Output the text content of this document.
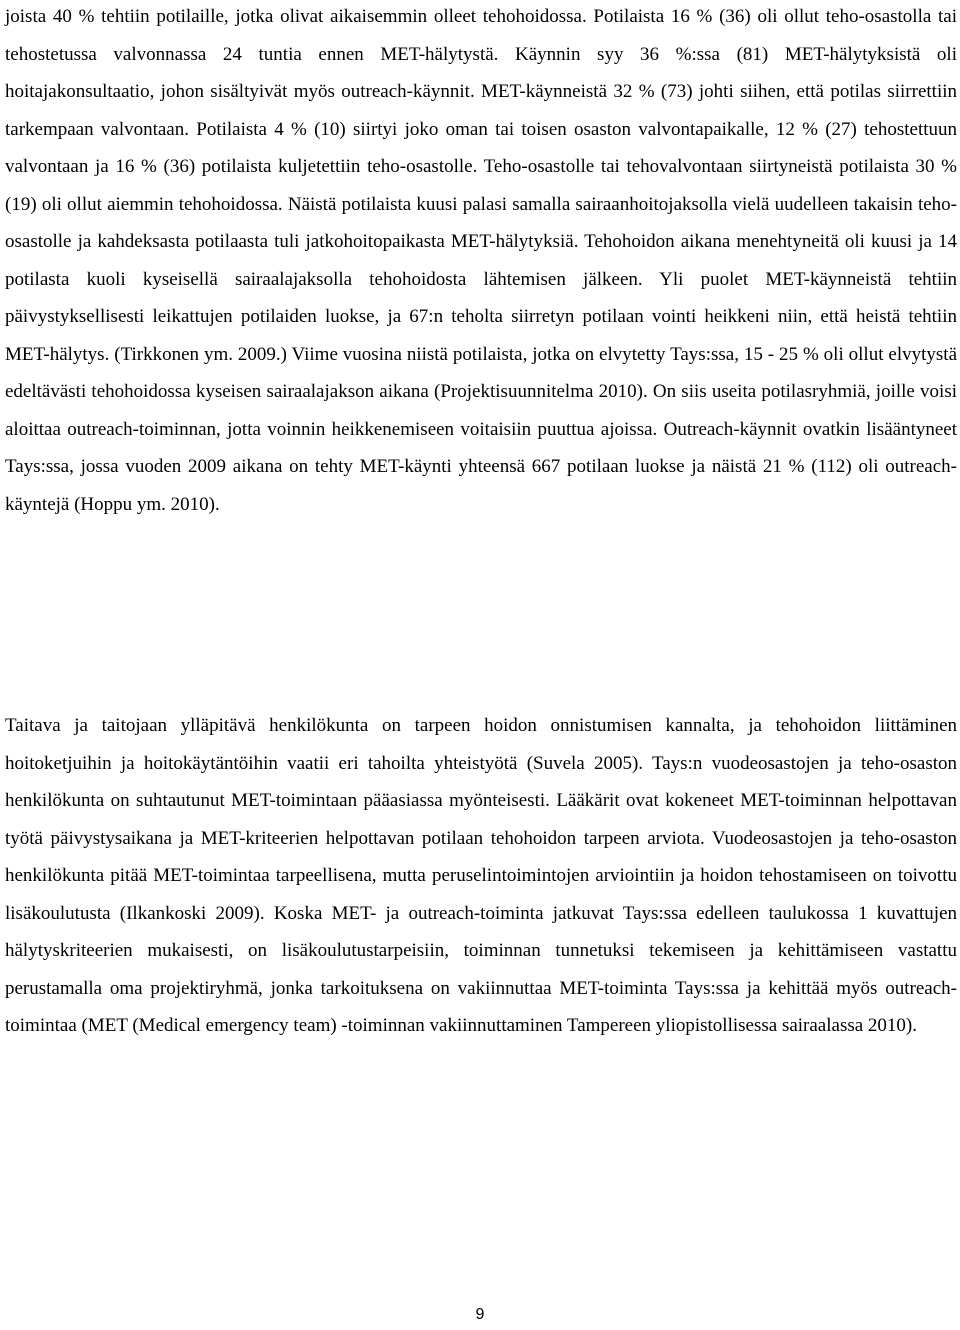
joista 40 % tehtiin potilaille, jotka olivat aikaisemmin olleet tehohoidossa. Potilaista 16 % (36) oli ollut teho-osastolla tai tehostetussa valvonnassa 24 tuntia ennen MET-hälytystä. Käynnin syy 36 %:ssa (81) MET-hälytyksistä oli hoitajakonsultaatio, johon sisältyivät myös outreach-käynnit. MET-käynneistä 32 % (73) johti siihen, että potilas siirrettiin tarkempaan valvontaan. Potilaista 4 % (10) siirtyi joko oman tai toisen osaston valvontapaikalle, 12 % (27) tehostettuun valvontaan ja 16 % (36) potilaista kuljetettiin teho-osastolle. Teho-osastolle tai tehovalvontaan siirtyneistä potilaista 30 % (19) oli ollut aiemmin tehohoidossa. Näistä potilaista kuusi palasi samalla sairaanhoitojaksolla vielä uudelleen takaisin teho-osastolle ja kahdeksasta potilaasta tuli jatkohoitopaikasta MET-hälytyksiä. Tehohoidon aikana menehtyneitä oli kuusi ja 14 potilasta kuoli kyseisellä sairaalajaksolla tehohoidosta lähtemisen jälkeen. Yli puolet MET-käynneistä tehtiin päivystyksellisesti leikattujen potilaiden luokse, ja 67:n teholta siirretyn potilaan vointi heikkeni niin, että heistä tehtiin MET-hälytys. (Tirkkonen ym. 2009.) Viime vuosina niistä potilaista, jotka on elvytetty Tays:ssa, 15 - 25 % oli ollut elvytystä edeltävästi tehohoidossa kyseisen sairaalajakson aikana (Projektisuunnitelma 2010). On siis useita potilasryhmiä, joille voisi aloittaa outreach-toiminnan, jotta voinnin heikkenemiseen voitaisiin puuttua ajoissa. Outreach-käynnit ovatkin lisääntyneet Tays:ssa, jossa vuoden 2009 aikana on tehty MET-käynti yhteensä 667 potilaan luokse ja näistä 21 % (112) oli outreach-käyntejä (Hoppu ym. 2010).

Taitava ja taitojaan ylläpitävä henkilökunta on tarpeen hoidon onnistumisen kannalta, ja tehohoidon liittäminen hoitoketjuihin ja hoitokäytäntöihin vaatii eri tahoilta yhteistyötä (Suvela 2005). Tays:n vuodeosastojen ja teho-osaston henkilökunta on suhtautunut MET-toimintaan pääasiassa myönteisesti. Lääkärit ovat kokeneet MET-toiminnan helpottavan työtä päivystysaikana ja MET-kriteerien helpottavan potilaan tehohoidon tarpeen arviota. Vuodeosastojen ja teho-osaston henkilökunta pitää MET-toimintaa tarpeellisena, mutta peruselintoimintojen arviointiin ja hoidon tehostamiseen on toivottu lisäkoulutusta (Ilkankoski 2009). Koska MET- ja outreach-toiminta jatkuvat Tays:ssa edelleen taulukossa 1 kuvattujen hälytyskriteerien mukaisesti, on lisäkoulutustarpeisiin, toiminnan tunnetuksi tekemiseen ja kehittämiseen vastattu perustamalla oma projektiryhmä, jonka tarkoituksena on vakiinnuttaa MET-toiminta Tays:ssa ja kehittää myös outreach-toimintaa (MET (Medical emergency team) -toiminnan vakiinnuttaminen Tampereen yliopistollisessa sairaalassa 2010).

9
